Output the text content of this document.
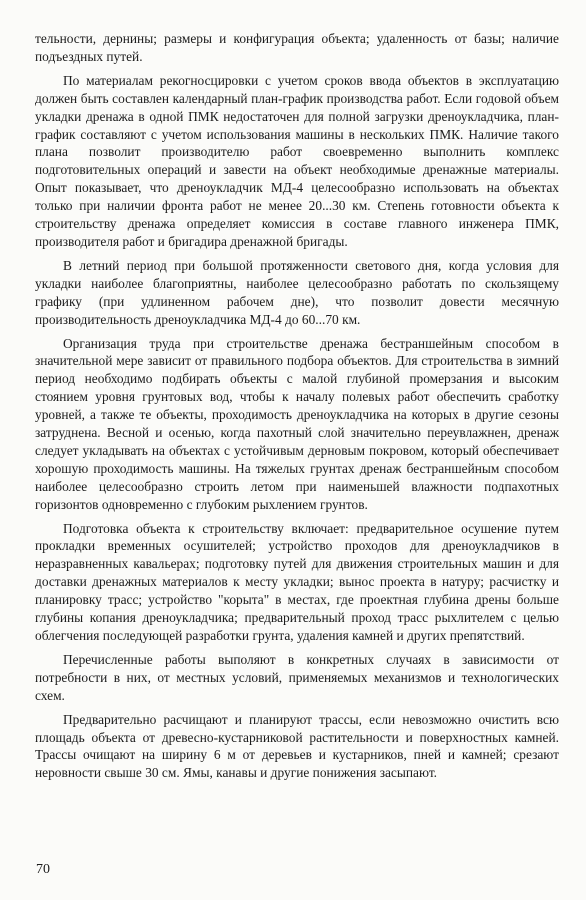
тельности, дернины; размеры и конфигурация объекта; удаленность от базы; наличие подъездных путей.

По материалам рекогносцировки с учетом сроков ввода объектов в эксплуатацию должен быть составлен календарный план-график производства работ. Если годовой объем укладки дренажа в одной ПМК недостаточен для полной загрузки дреноукладчика, план-график составляют с учетом использования машины в нескольких ПМК. Наличие такого плана позволит производителю работ своевременно выполнить комплекс подготовительных операций и завести на объект необходимые дренажные материалы. Опыт показывает, что дреноукладчик МД-4 целесообразно использовать на объектах только при наличии фронта работ не менее 20...30 км. Степень готовности объекта к строительству дренажа определяет комиссия в составе главного инженера ПМК, производителя работ и бригадира дренажной бригады.

В летний период при большой протяженности светового дня, когда условия для укладки наиболее благоприятны, наиболее целесообразно работать по скользящему графику (при удлиненном рабочем дне), что позволит довести месячную производительность дреноукладчика МД-4 до 60...70 км.

Организация труда при строительстве дренажа бестраншейным способом в значительной мере зависит от правильного подбора объектов. Для строительства в зимний период необходимо подбирать объекты с малой глубиной промерзания и высоким стоянием уровня грунтовых вод, чтобы к началу полевых работ обеспечить сработку уровней, а также те объекты, проходимость дреноукладчика на которых в другие сезоны затруднена. Весной и осенью, когда пахотный слой значительно переувлажнен, дренаж следует укладывать на объектах с устойчивым дерновым покровом, который обеспечивает хорошую проходимость машины. На тяжелых грунтах дренаж бестраншейным способом наиболее целесообразно строить летом при наименьшей влажности подпахотных горизонтов одновременно с глубоким рыхлением грунтов.

Подготовка объекта к строительству включает: предварительное осушение путем прокладки временных осушителей; устройство проходов для дреноукладчиков в неразравненных кавальерах; подготовку путей для движения строительных машин и для доставки дренажных материалов к месту укладки; вынос проекта в натуру; расчистку и планировку трасс; устройство "корыта" в местах, где проектная глубина дрены больше глубины копания дреноукладчика; предварительный проход трасс рыхлителем с целью облегчения последующей разработки грунта, удаления камней и других препятствий.

Перечисленные работы выполяют в конкретных случаях в зависимости от потребности в них, от местных условий, применяемых механизмов и технологических схем.

Предварительно расчищают и планируют трассы, если невозможно очистить всю площадь объекта от древесно-кустарниковой растительности и поверхностных камней. Трассы очищают на ширину 6 м от деревьев и кустарников, пней и камней; срезают неровности свыше 30 см. Ямы, канавы и другие понижения засыпают.

70
